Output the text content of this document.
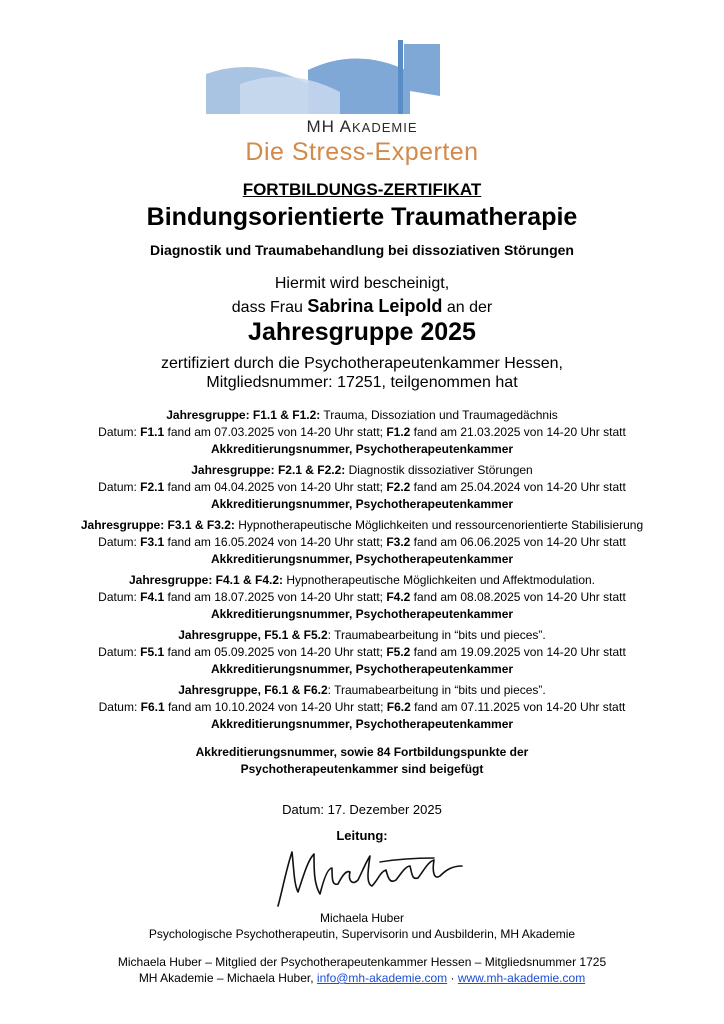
MH AKADEMIE
Die Stress-Experten
FORTBILDUNGS-ZERTIFIKAT
Bindungsorientierte Traumatherapie
Diagnostik und Traumabehandlung bei dissoziativen Störungen
Hiermit wird bescheinigt,
dass Frau Sabrina Leipold an der
Jahresgruppe 2025
zertifiziert durch die Psychotherapeutenkammer Hessen,
Mitgliedsnummer: 17251, teilgenommen hat
Jahresgruppe: F1.1 & F1.2: Trauma, Dissoziation und Traumagedächnis
Datum: F1.1 fand am 07.03.2025 von 14-20 Uhr statt; F1.2 fand am 21.03.2025 von 14-20 Uhr statt
Akkreditierungsnummer, Psychotherapeutenkammer
Jahresgruppe: F2.1 & F2.2: Diagnostik dissoziativer Störungen
Datum: F2.1 fand am 04.04.2025 von 14-20 Uhr statt; F2.2 fand am 25.04.2024 von 14-20 Uhr statt
Akkreditierungsnummer, Psychotherapeutenkammer
Jahresgruppe: F3.1 & F3.2: Hypnotherapeutische Möglichkeiten und ressourcenorientierte Stabilisierung
Datum: F3.1 fand am 16.05.2024 von 14-20 Uhr statt; F3.2 fand am 06.06.2025 von 14-20 Uhr statt
Akkreditierungsnummer, Psychotherapeutenkammer
Jahresgruppe: F4.1 & F4.2: Hypnotherapeutische Möglichkeiten und Affektmodulation.
Datum: F4.1 fand am 18.07.2025 von 14-20 Uhr statt; F4.2 fand am 08.08.2025 von 14-20 Uhr statt
Akkreditierungsnummer, Psychotherapeutenkammer
Jahresgruppe, F5.1 & F5.2: Traumabearbeitung in “bits und pieces”.
Datum: F5.1 fand am 05.09.2025 von 14-20 Uhr statt; F5.2 fand am 19.09.2025 von 14-20 Uhr statt
Akkreditierungsnummer, Psychotherapeutenkammer
Jahresgruppe, F6.1 & F6.2: Traumabearbeitung in “bits und pieces”.
Datum: F6.1 fand am 10.10.2024 von 14-20 Uhr statt; F6.2 fand am 07.11.2025 von 14-20 Uhr statt
Akkreditierungsnummer, Psychotherapeutenkammer
Akkreditierungsnummer, sowie 84 Fortbildungspunkte der
Psychotherapeutenkammer sind beigefügt
Datum: 17. Dezember 2025
Leitung:
Michaela Huber
Psychologische Psychotherapeutin, Supervisorin und Ausbilderin, MH Akademie
Michaela Huber – Mitglied der Psychotherapeutenkammer Hessen – Mitgliedsnummer 1725
MH Akademie – Michaela Huber, info@mh-akademie.com · www.mh-akademie.com
